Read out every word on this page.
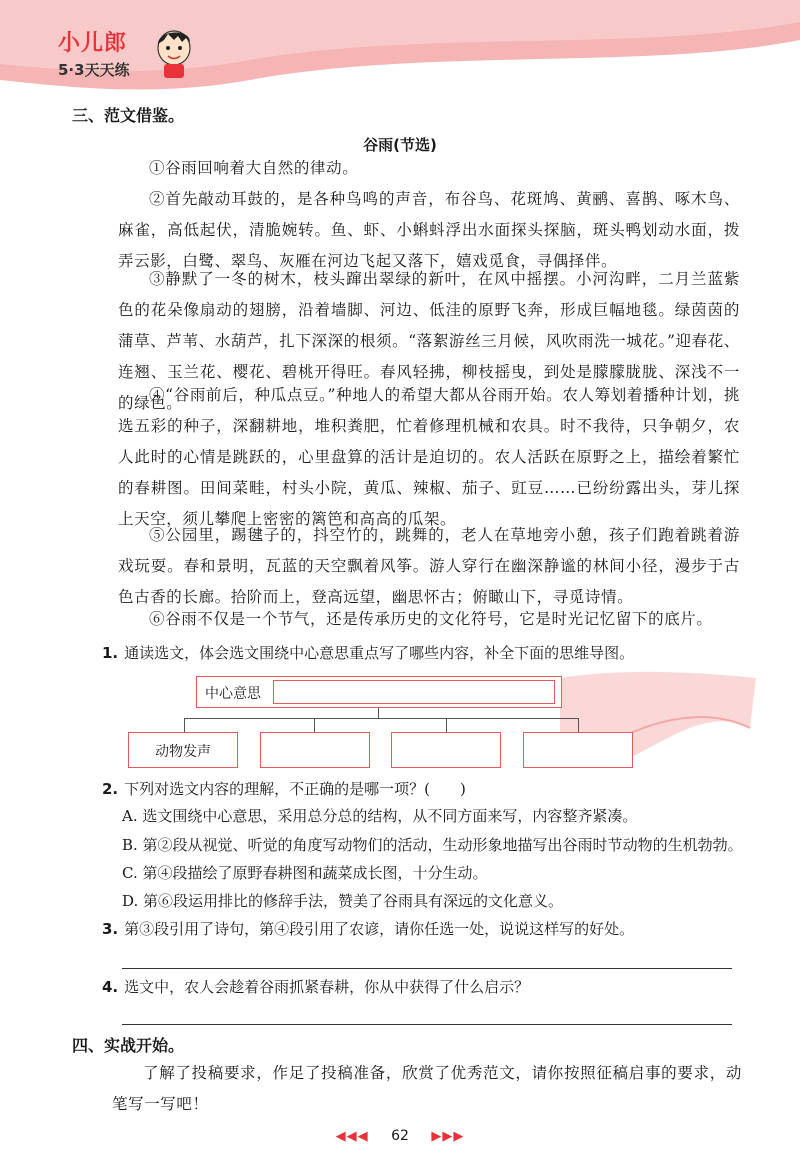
小儿郎
5·3天天练
三、范文借鉴。
谷雨(节选)
①谷雨回响着大自然的律动。
②首先敲动耳鼓的，是各种鸟鸣的声音，布谷鸟、花斑鸠、黄鹂、喜鹊、啄木鸟、麻雀，高低起伏，清脆婉转。鱼、虾、小蝌蚪浮出水面探头探脑，斑头鸭划动水面，拨弄云影，白鹭、翠鸟、灰雁在河边飞起又落下，嬉戏觅食，寻偶择伴。
③静默了一冬的树木，枝头蹿出翠绿的新叶，在风中摇摆。小河沟畔，二月兰蓝紫色的花朵像扇动的翅膀，沿着墙脚、河边、低洼的原野飞奔，形成巨幅地毯。绿茵茵的蒲草、芦苇、水葫芦，扎下深深的根须。“落絮游丝三月候，风吹雨洗一城花。”迎春花、连翘、玉兰花、樱花、碧桃开得旺。春风轻拂，柳枝摇曳，到处是朦朦胧胧、深浅不一的绿色。
④“谷雨前后，种瓜点豆。”种地人的希望大都从谷雨开始。农人筹划着播种计划，挑选五彩的种子，深翻耕地，堆积粪肥，忙着修理机械和农具。时不我待，只争朝夕，农人此时的心情是跳跃的，心里盘算的活计是迫切的。农人活跃在原野之上，描绘着繁忙的春耕图。田间菜畦，村头小院，黄瓜、辣椒、茄子、豇豆……已纷纷露出头，芽儿探上天空，须儿攀爬上密密的篱笆和高高的瓜架。
⑤公园里，踢毽子的，抖空竹的，跳舞的，老人在草地旁小憩，孩子们跑着跳着游戏玩耍。春和景明，瓦蓝的天空飘着风筝。游人穿行在幽深静谧的林间小径，漫步于古色古香的长廊。拾阶而上，登高远望，幽思怀古；俯瞰山下，寻觅诗情。
⑥谷雨不仅是一个节气，还是传承历史的文化符号，它是时光记忆留下的底片。
1. 通读选文，体会选文围绕中心意思重点写了哪些内容，补全下面的思维导图。
中心意思
动物发声
2. 下列对选文内容的理解，不正确的是哪一项？(　　)
A. 选文围绕中心意思，采用总分总的结构，从不同方面来写，内容整齐紧凑。
B. 第②段从视觉、听觉的角度写动物们的活动，生动形象地描写出谷雨时节动物的生机勃勃。
C. 第④段描绘了原野春耕图和蔬菜成长图，十分生动。
D. 第⑥段运用排比的修辞手法，赞美了谷雨具有深远的文化意义。
3. 第③段引用了诗句，第④段引用了农谚，请你任选一处，说说这样写的好处。
4. 选文中，农人会趁着谷雨抓紧春耕，你从中获得了什么启示？
四、实战开始。
了解了投稿要求，作足了投稿准备，欣赏了优秀范文，请你按照征稿启事的要求，动笔写一写吧！
◀◀◀ 62 ▶▶▶
